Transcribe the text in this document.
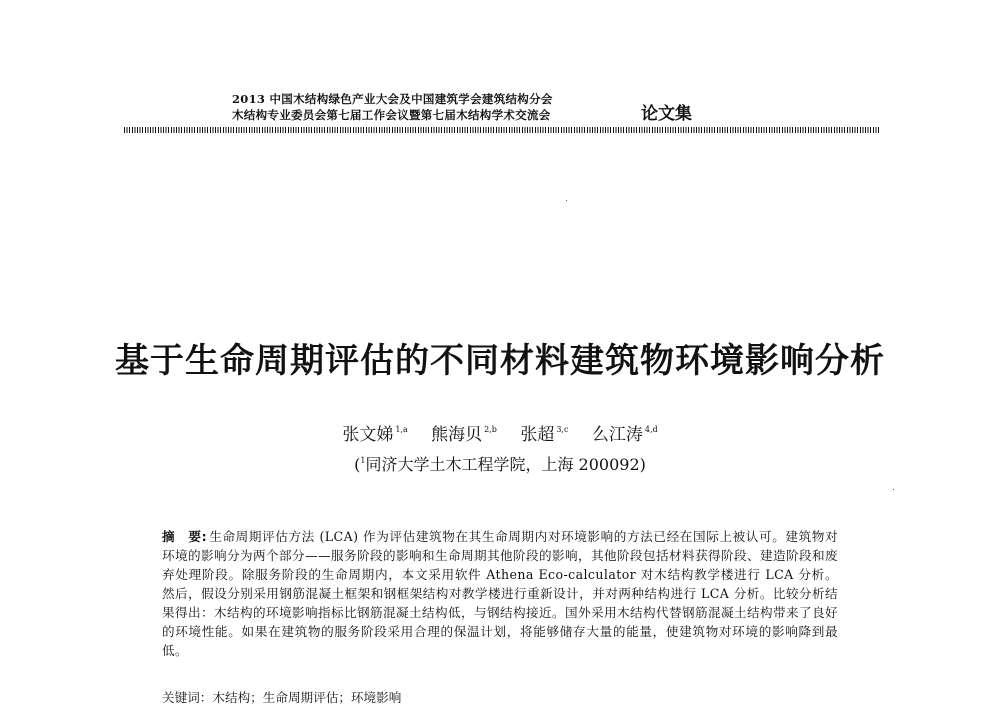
2013 中国木结构绿色产业大会及中国建筑学会建筑结构分会
木结构专业委员会第七届工作会议暨第七届木结构学术交流会	论文集
基于生命周期评估的不同材料建筑物环境影响分析
张文娣 $^{1,a}$ 熊海贝 $^{2,b}$ 张超 $^{3,c}$ 么江涛 $^{4,d}$
($^1$同济大学土木工程学院，上海 200092)
摘　要: 生命周期评估方法 (LCA) 作为评估建筑物在其生命周期内对环境影响的方法已经在国际上被认可。建筑物对环境的影响分为两个部分——服务阶段的影响和生命周期其他阶段的影响，其他阶段包括材料获得阶段、建造阶段和废弃处理阶段。除服务阶段的生命周期内，本文采用软件 Athena Eco-calculator 对木结构教学楼进行 LCA 分析。然后，假设分别采用钢筋混凝土框架和钢框架结构对教学楼进行重新设计，并对两种结构进行 LCA 分析。比较分析结果得出：木结构的环境影响指标比钢筋混凝土结构低，与钢结构接近。国外采用木结构代替钢筋混凝土结构带来了良好的环境性能。如果在建筑物的服务阶段采用合理的保温计划，将能够储存大量的能量，使建筑物对环境的影响降到最低。
关键词：木结构；生命周期评估；环境影响
